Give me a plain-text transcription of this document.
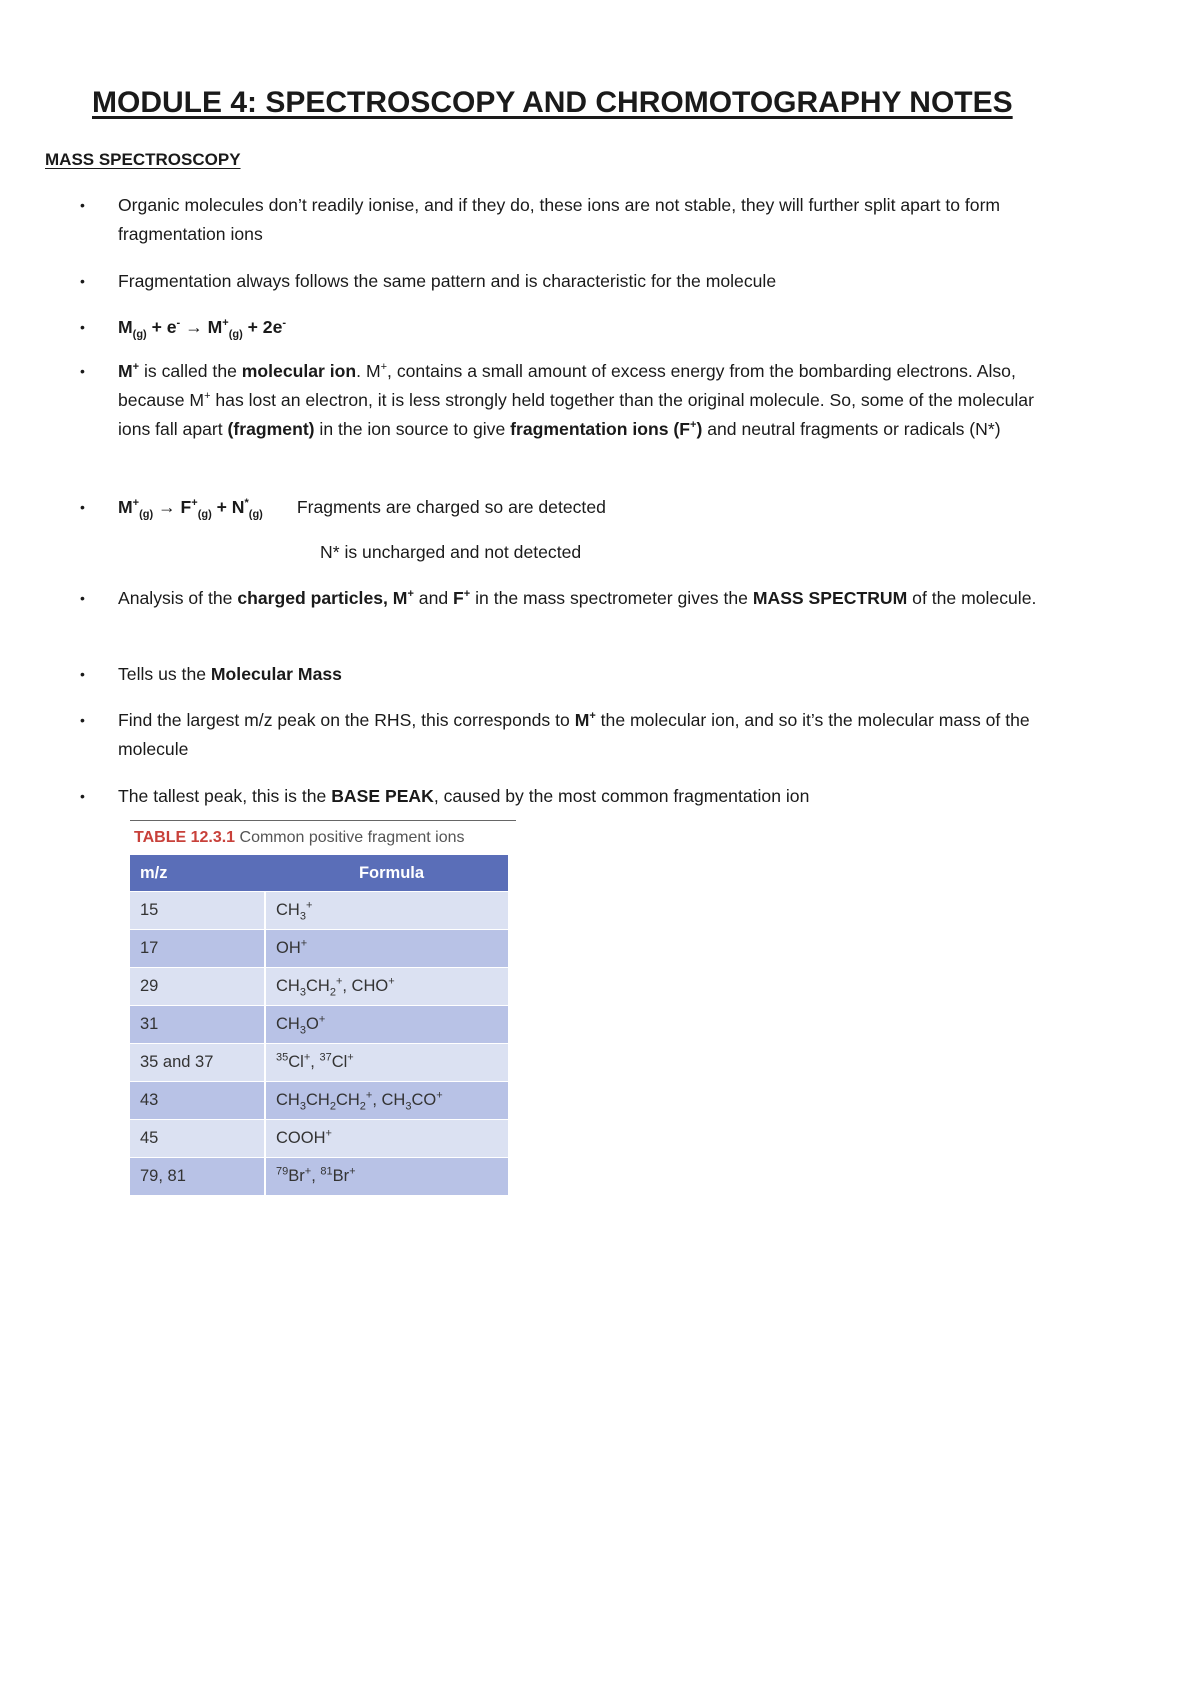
MODULE 4: SPECTROSCOPY AND CHROMOTOGRAPHY NOTES
MASS SPECTROSCOPY
•	Organic molecules don’t readily ionise, and if they do, these ions are not stable, they will further split apart to form fragmentation ions
•	Fragmentation always follows the same pattern and is characteristic for the molecule
•	$M_{(g)} + e^- \to M^+_{(g)} + 2e^-$
•	M+ is called the molecular ion. M+, contains a small amount of excess energy from the bombarding electrons. Also, because M+ has lost an electron, it is less strongly held together than the original molecule. So, some of the molecular ions fall apart (fragment) in the ion source to give fragmentation ions (F+) and neutral fragments or radicals (N*)
•	$M^+_{(g)} \to F^+_{(g)} + N^*_{(g)}$ Fragments are charged so are detected
N* is uncharged and not detected
•	Analysis of the charged particles, M+ and F+ in the mass spectrometer gives the MASS SPECTRUM of the molecule.
•	Tells us the Molecular Mass
•	Find the largest m/z peak on the RHS, this corresponds to M+ the molecular ion, and so it’s the molecular mass of the molecule
•	The tallest peak, this is the BASE PEAK, caused by the most common fragmentation ion

TABLE 12.3.1 Common positive fragment ions

m/z	Formula
15	$CH_3^+$
17	OH+
29	$CH_3CH_2^+$, CHO+
31	$CH_3O^+$
35 and 37	$^{35}$Cl+, $^{37}$Cl+
43	$CH_3CH_2CH_2^+$, $CH_3CO^+$
45	COOH+
79, 81	$^{79}$Br+, $^{81}$Br+
